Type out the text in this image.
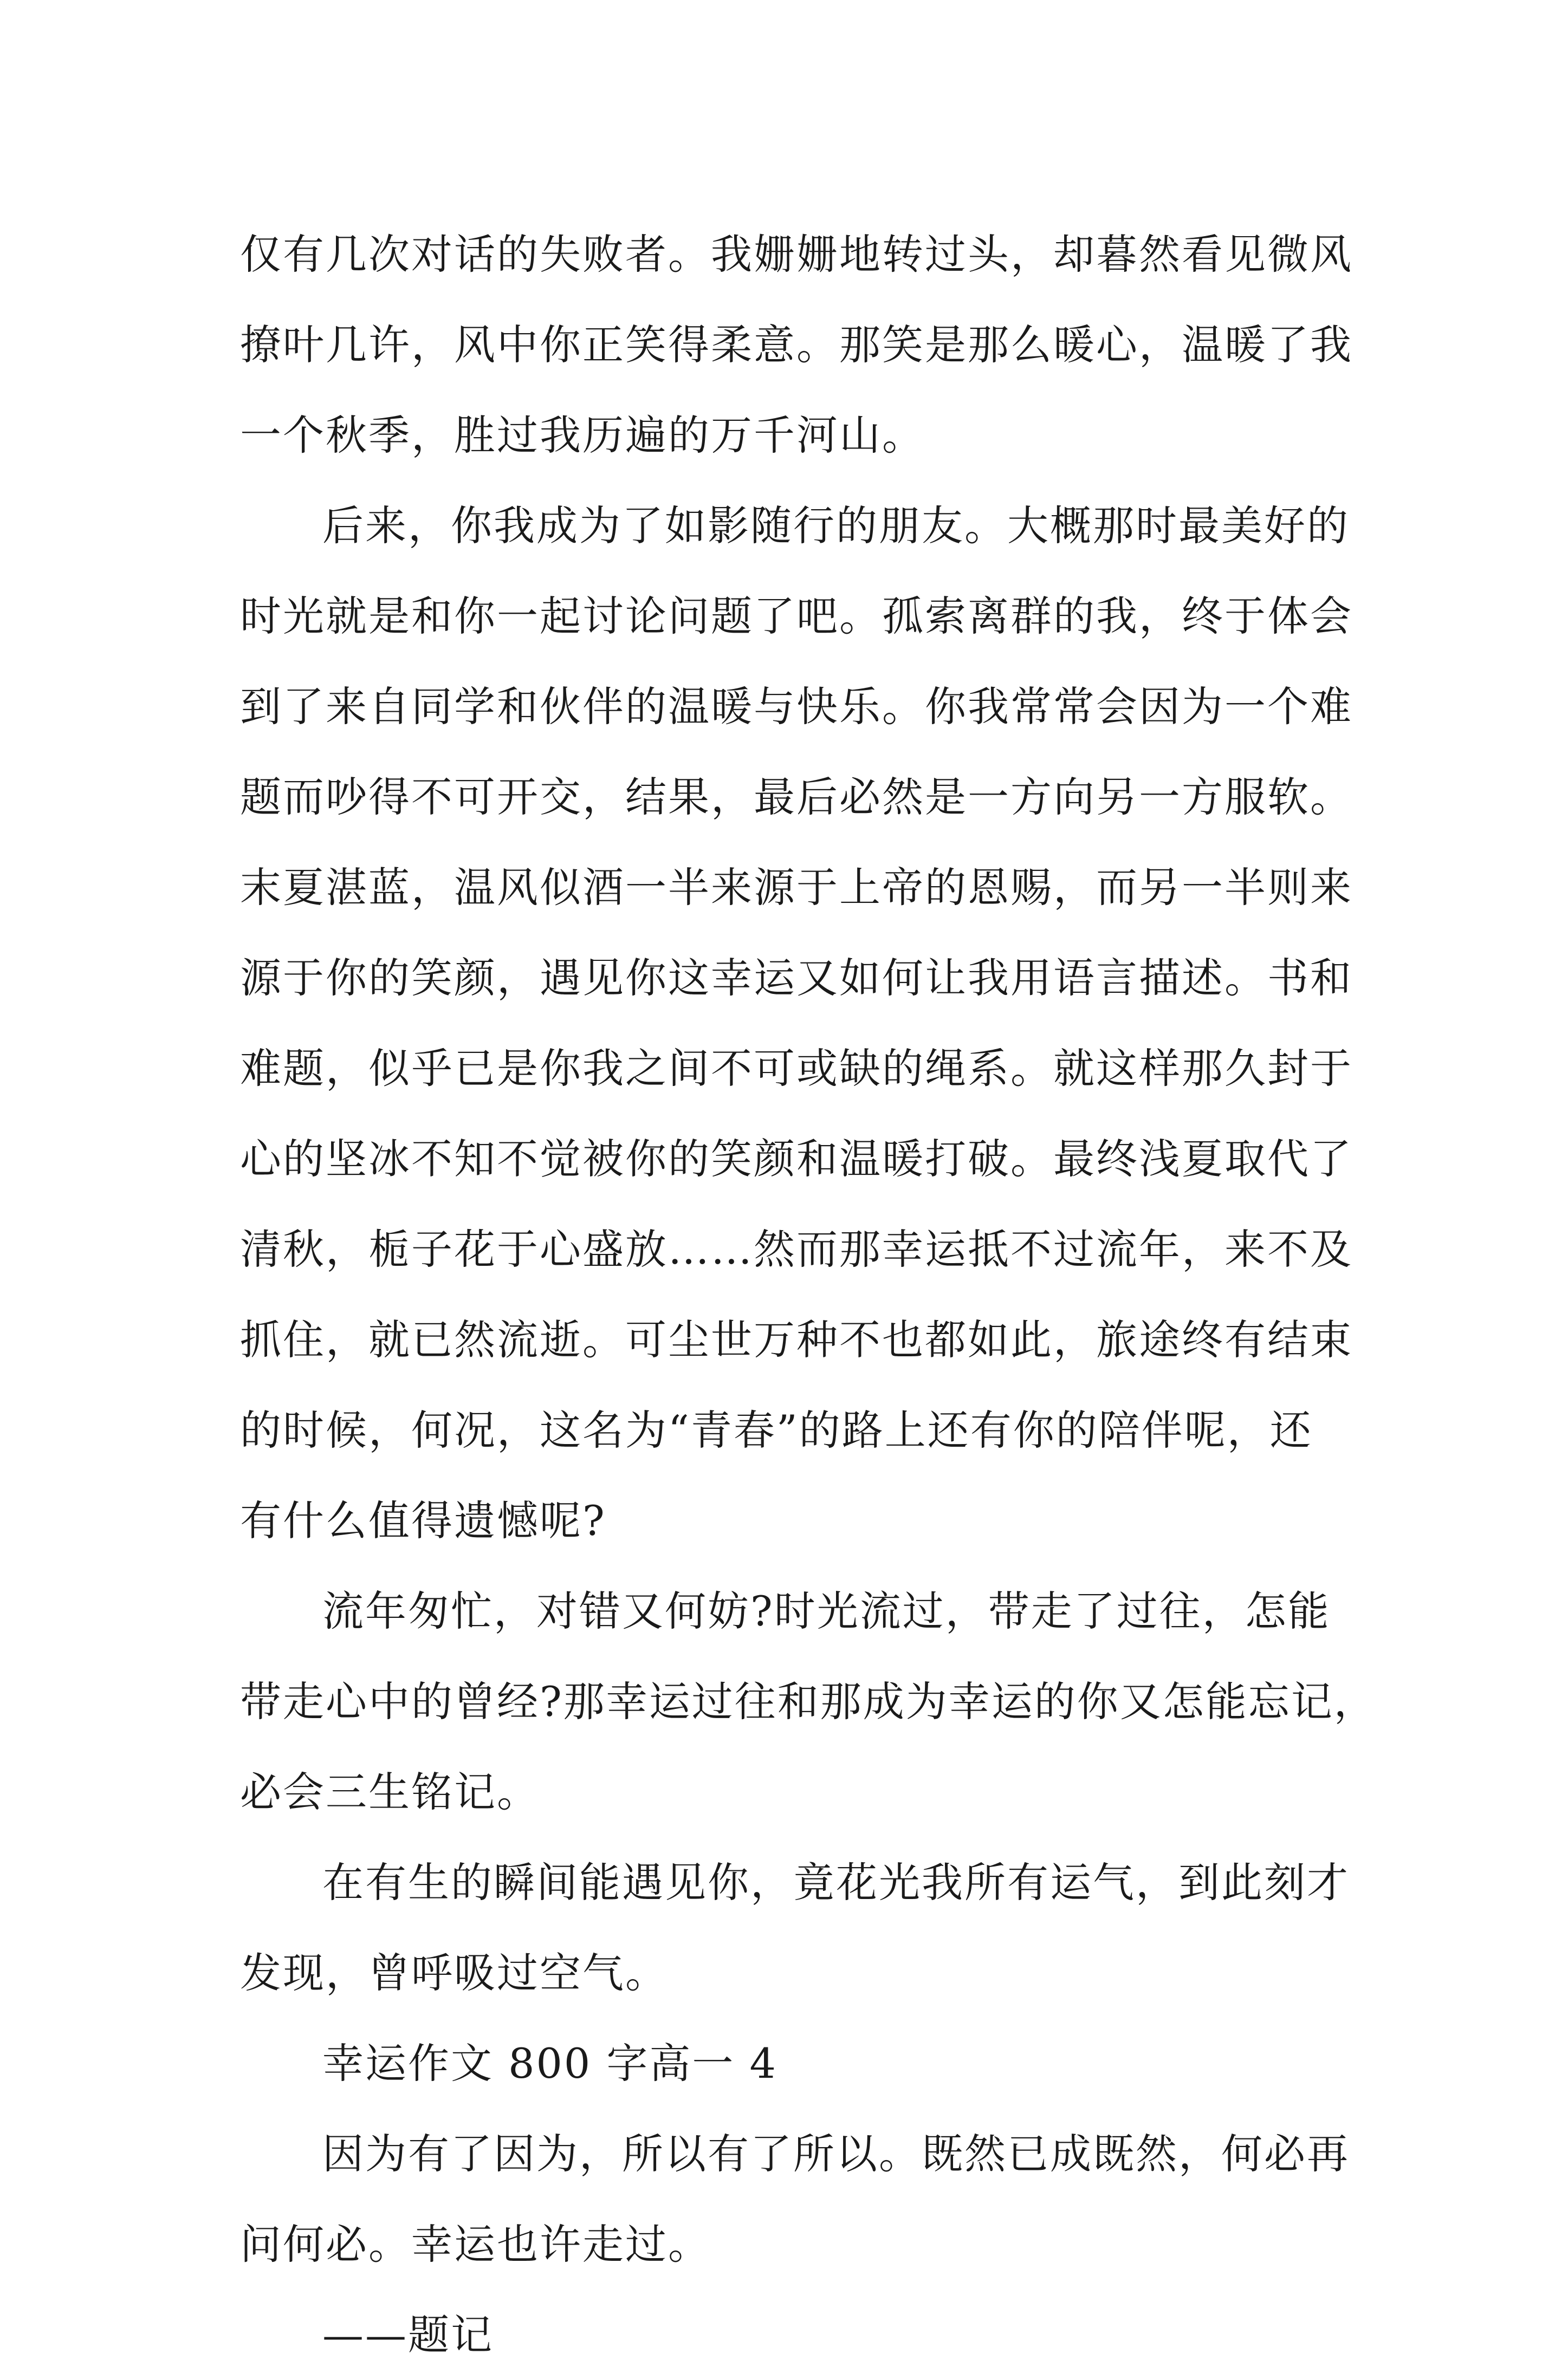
仅有几次对话的失败者。我姗姗地转过头，却暮然看见微风
撩叶几许，风中你正笑得柔意。那笑是那么暖心，温暖了我
一个秋季，胜过我历遍的万千河山。

后来，你我成为了如影随行的朋友。大概那时最美好的
时光就是和你一起讨论问题了吧。孤索离群的我，终于体会
到了来自同学和伙伴的温暖与快乐。你我常常会因为一个难
题而吵得不可开交，结果，最后必然是一方向另一方服软。
末夏湛蓝，温风似酒一半来源于上帝的恩赐，而另一半则来
源于你的笑颜，遇见你这幸运又如何让我用语言描述。书和
难题，似乎已是你我之间不可或缺的绳系。就这样那久封于
心的坚冰不知不觉被你的笑颜和温暖打破。最终浅夏取代了
清秋，栀子花于心盛放……然而那幸运抵不过流年，来不及
抓住，就已然流逝。可尘世万种不也都如此，旅途终有结束
的时候，何况，这名为“青春”的路上还有你的陪伴呢，还
有什么值得遗憾呢?

流年匆忙，对错又何妨?时光流过，带走了过往，怎能
带走心中的曾经?那幸运过往和那成为幸运的你又怎能忘记，
必会三生铭记。

在有生的瞬间能遇见你，竟花光我所有运气，到此刻才
发现，曾呼吸过空气。

幸运作文 800 字高一 4

因为有了因为，所以有了所以。既然已成既然，何必再
问何必。幸运也许走过。

——题记
